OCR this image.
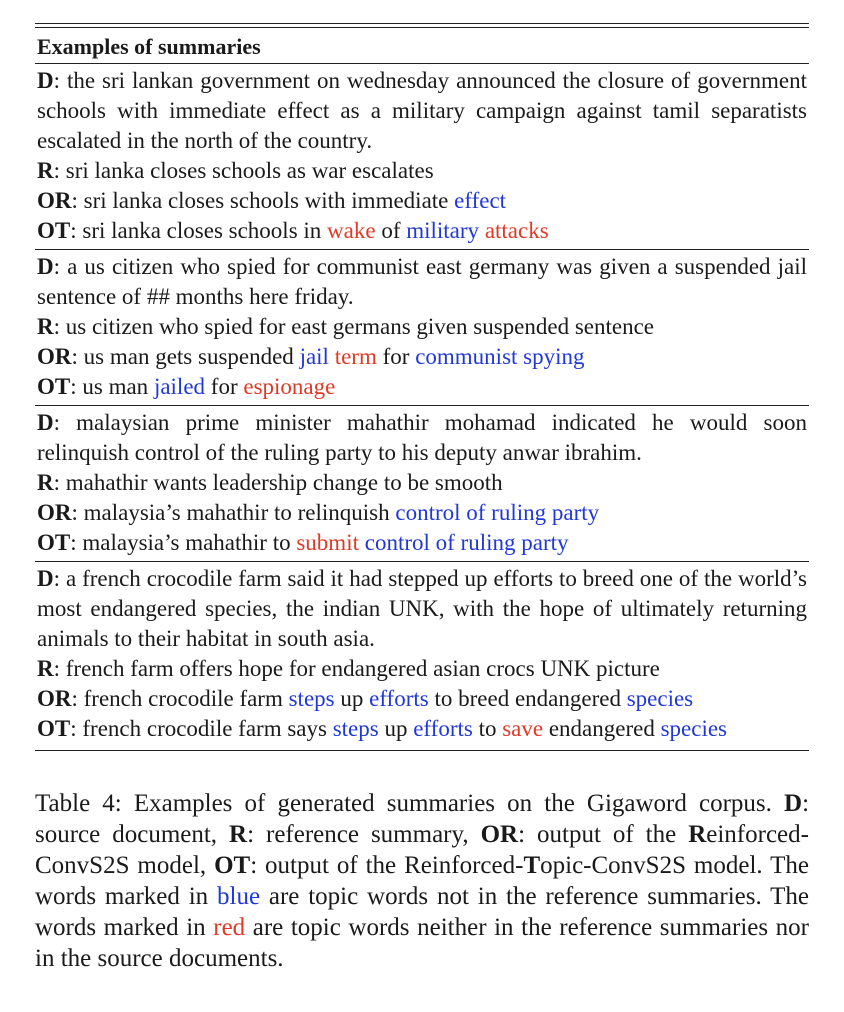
Examples of summaries
D: the sri lankan government on wednesday announced the closure of government schools with immediate effect as a military campaign against tamil separatists escalated in the north of the country.
R: sri lanka closes schools as war escalates
OR: sri lanka closes schools with immediate effect
OT: sri lanka closes schools in wake of military attacks
D: a us citizen who spied for communist east germany was given a suspended jail sentence of ## months here friday.
R: us citizen who spied for east germans given suspended sentence
OR: us man gets suspended jail term for communist spying
OT: us man jailed for espionage
D: malaysian prime minister mahathir mohamad indicated he would soon relinquish control of the ruling party to his deputy anwar ibrahim.
R: mahathir wants leadership change to be smooth
OR: malaysia’s mahathir to relinquish control of ruling party
OT: malaysia’s mahathir to submit control of ruling party
D: a french crocodile farm said it had stepped up efforts to breed one of the world’s most endangered species, the indian UNK, with the hope of ultimately returning animals to their habitat in south asia.
R: french farm offers hope for endangered asian crocs UNK picture
OR: french crocodile farm steps up efforts to breed endangered species
OT: french crocodile farm says steps up efforts to save endangered species
Table 4: Examples of generated summaries on the Gigaword corpus. D: source document, R: reference summary, OR: output of the Reinforced-ConvS2S model, OT: output of the Reinforced-Topic-ConvS2S model. The words marked in blue are topic words not in the reference summaries. The words marked in red are topic words neither in the reference summaries nor in the source documents.
